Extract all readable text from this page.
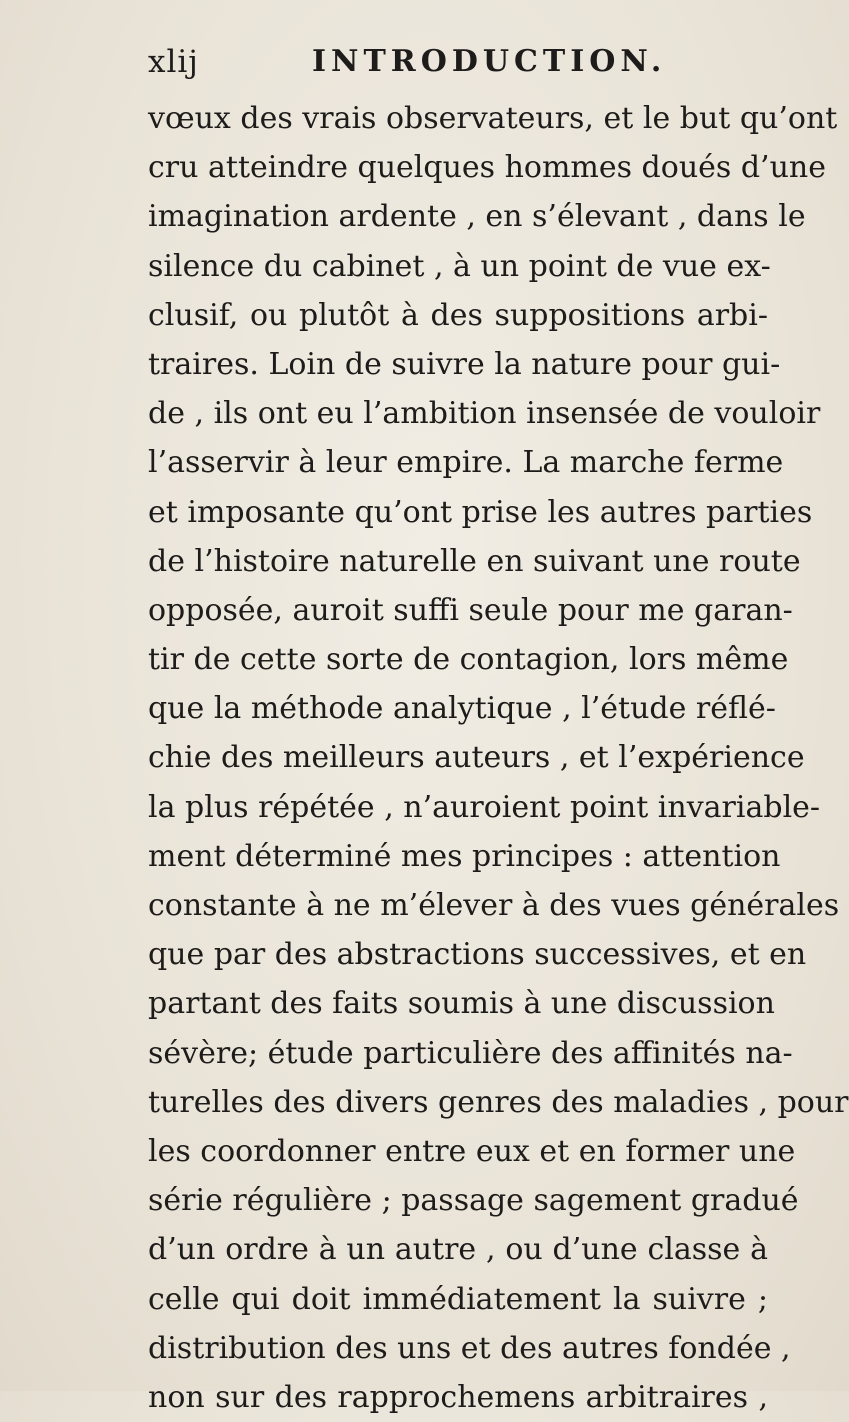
xlij	INTRODUCTION.
vœux des vrais observateurs, et le but qu’ont
cru atteindre quelques hommes doués d’une
imagination ardente , en s’élevant , dans le
silence du cabinet , à un point de vue ex-
clusif, ou plutôt à des suppositions arbi-
traires. Loin de suivre la nature pour gui-
de , ils ont eu l’ambition insensée de vouloir
l’asservir à leur empire. La marche ferme
et imposante qu’ont prise les autres parties
de l’histoire naturelle en suivant une route
opposée, auroit suffi seule pour me garan-
tir de cette sorte de contagion, lors même
que la méthode analytique , l’étude réflé-
chie des meilleurs auteurs , et l’expérience
la plus répétée , n’auroient point invariable-
ment déterminé mes principes : attention
constante à ne m’élever à des vues générales
que par des abstractions successives, et en
partant des faits soumis à une discussion
sévère; étude particulière des affinités na-
turelles des divers genres des maladies , pour
les coordonner entre eux et en former une
série régulière ; passage sagement gradué
d’un ordre à un autre , ou d’une classe à
celle qui doit immédiatement la suivre ;
distribution des uns et des autres fondée ,
non sur des rapprochemens arbitraires ,
